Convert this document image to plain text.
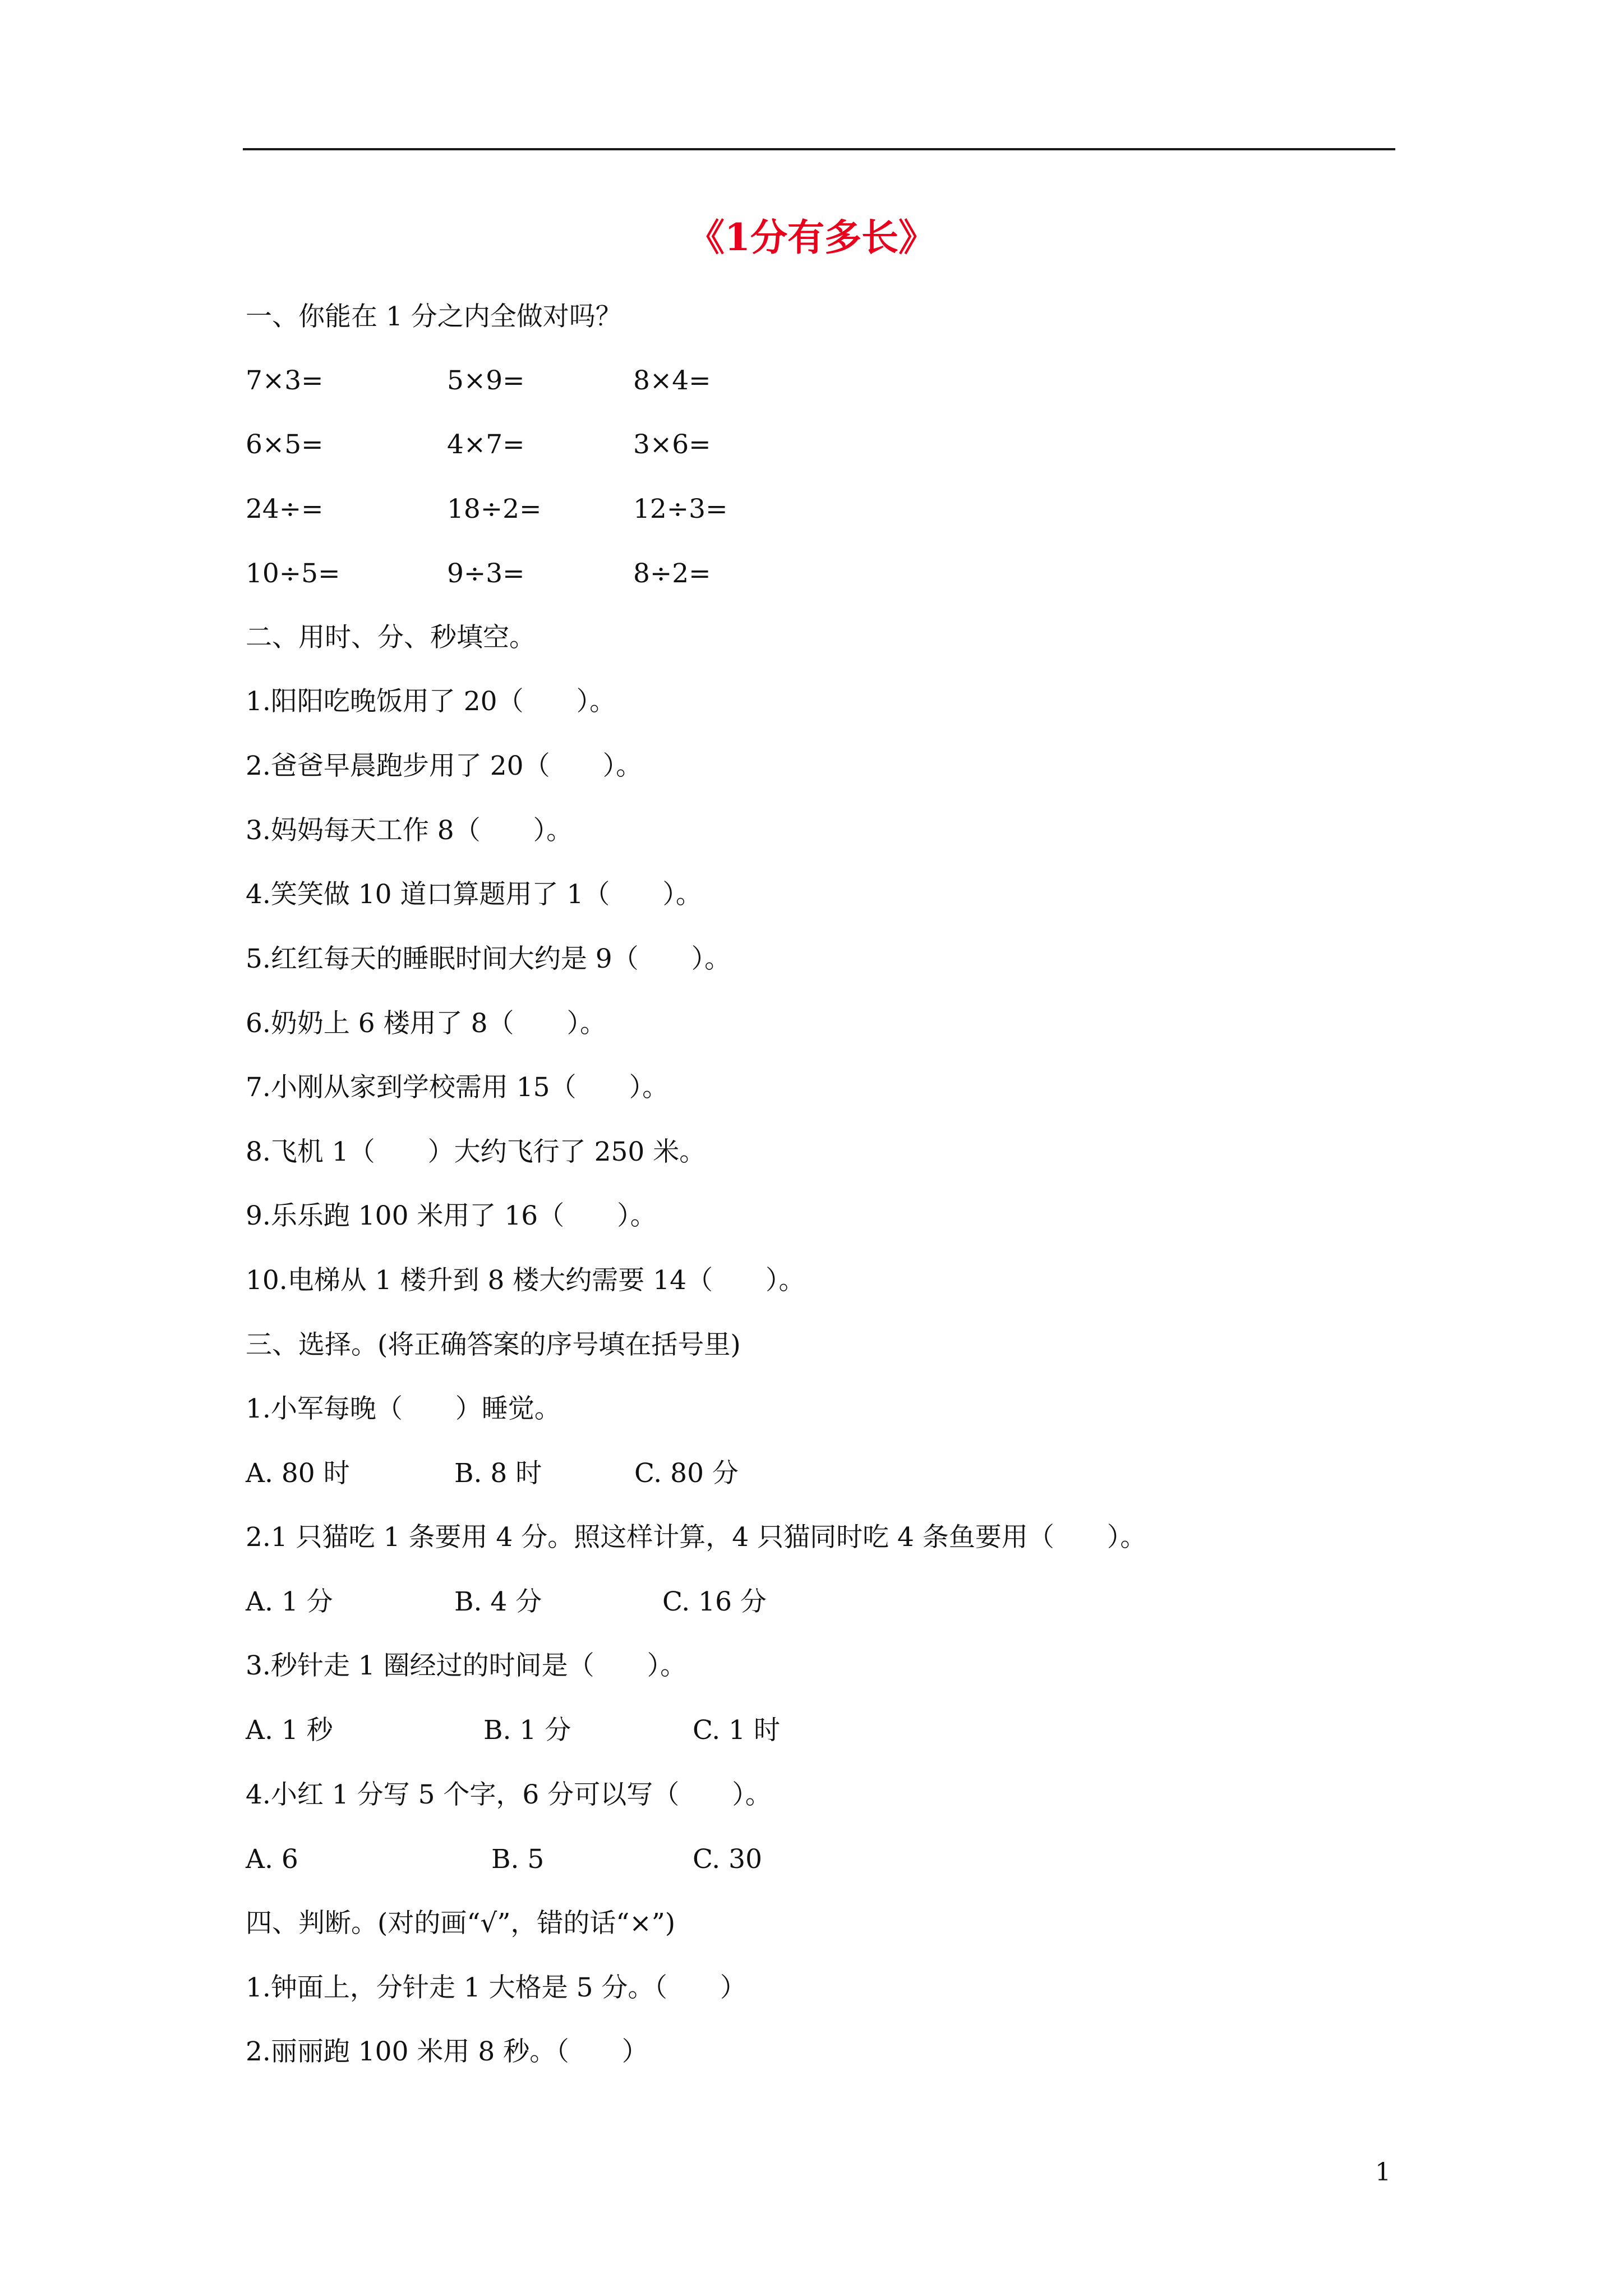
《1分有多长》
一、你能在 1 分之内全做对吗？
7×3=	5×9=	8×4=
6×5=	4×7=	3×6=
24÷=	18÷2=	12÷3=
10÷5=	9÷3=	8÷2=
二、用时、分、秒填空。
1.阳阳吃晚饭用了 20（　　）。
2.爸爸早晨跑步用了 20（　　）。
3.妈妈每天工作 8（　　）。
4.笑笑做 10 道口算题用了 1（　　）。
5.红红每天的睡眠时间大约是 9（　　）。
6.奶奶上 6 楼用了 8（　　）。
7.小刚从家到学校需用 15（　　）。
8.飞机 1（　　）大约飞行了 250 米。
9.乐乐跑 100 米用了 16（　　）。
10.电梯从 1 楼升到 8 楼大约需要 14（　　）。
三、选择。(将正确答案的序号填在括号里)
1.小军每晚（　　）睡觉。
A. 80 时	B. 8 时	C. 80 分
2.1 只猫吃 1 条要用 4 分。照这样计算，4 只猫同时吃 4 条鱼要用（　　）。
A. 1 分	B. 4 分	C. 16 分
3.秒针走 1 圈经过的时间是（　　）。
A. 1 秒	B. 1 分	C. 1 时
4.小红 1 分写 5 个字，6 分可以写（　　）。
A. 6	B. 5	C. 30
四、判断。(对的画“√”，错的话“×”)
1.钟面上，分针走 1 大格是 5 分。（　　）
2.丽丽跑 100 米用 8 秒。（　　）
1
